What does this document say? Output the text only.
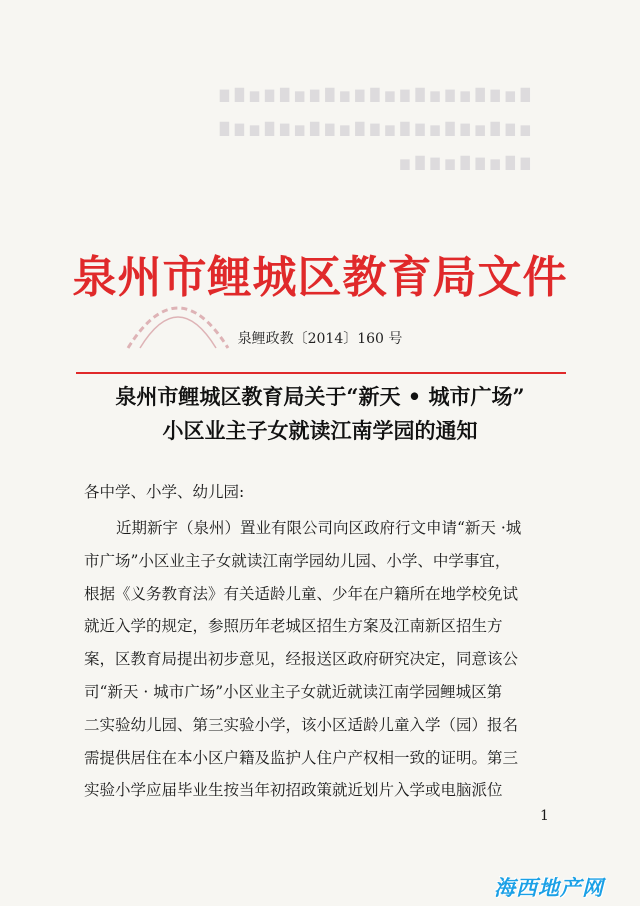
█ ▆ ▇ █ ▆ ▇ ▆ █ ▇ ▆ █ ▇ ▆ █ ▇ ▆ █ ▇ ▆ █ ▇
▆ ▇ █ ▆ ▇ █ ▆ ▇ █ ▆ ▇ █ ▆ ▇ █ ▆ ▇ █ ▆ ▇ █
▇ █ ▆ ▇ █ ▆ ▇ █ ▆
泉州市鲤城区教育局文件
泉鲤政教〔2014〕160 号
泉州市鲤城区教育局关于“新天 • 城市广场”
小区业主子女就读江南学园的通知
各中学、小学、幼儿园:
近期新宇（泉州）置业有限公司向区政府行文申请“新天 ·城
市广场”小区业主子女就读江南学园幼儿园、小学、中学事宜，
根据《义务教育法》有关适龄儿童、少年在户籍所在地学校免试
就近入学的规定，参照历年老城区招生方案及江南新区招生方
案，区教育局提出初步意见，经报送区政府研究决定，同意该公
司“新天 · 城市广场”小区业主子女就近就读江南学园鲤城区第
二实验幼儿园、第三实验小学，该小区适龄儿童入学（园）报名
需提供居住在本小区户籍及监护人住户产权相一致的证明。第三
实验小学应届毕业生按当年初招政策就近划片入学或电脑派位
1
海西地产网
